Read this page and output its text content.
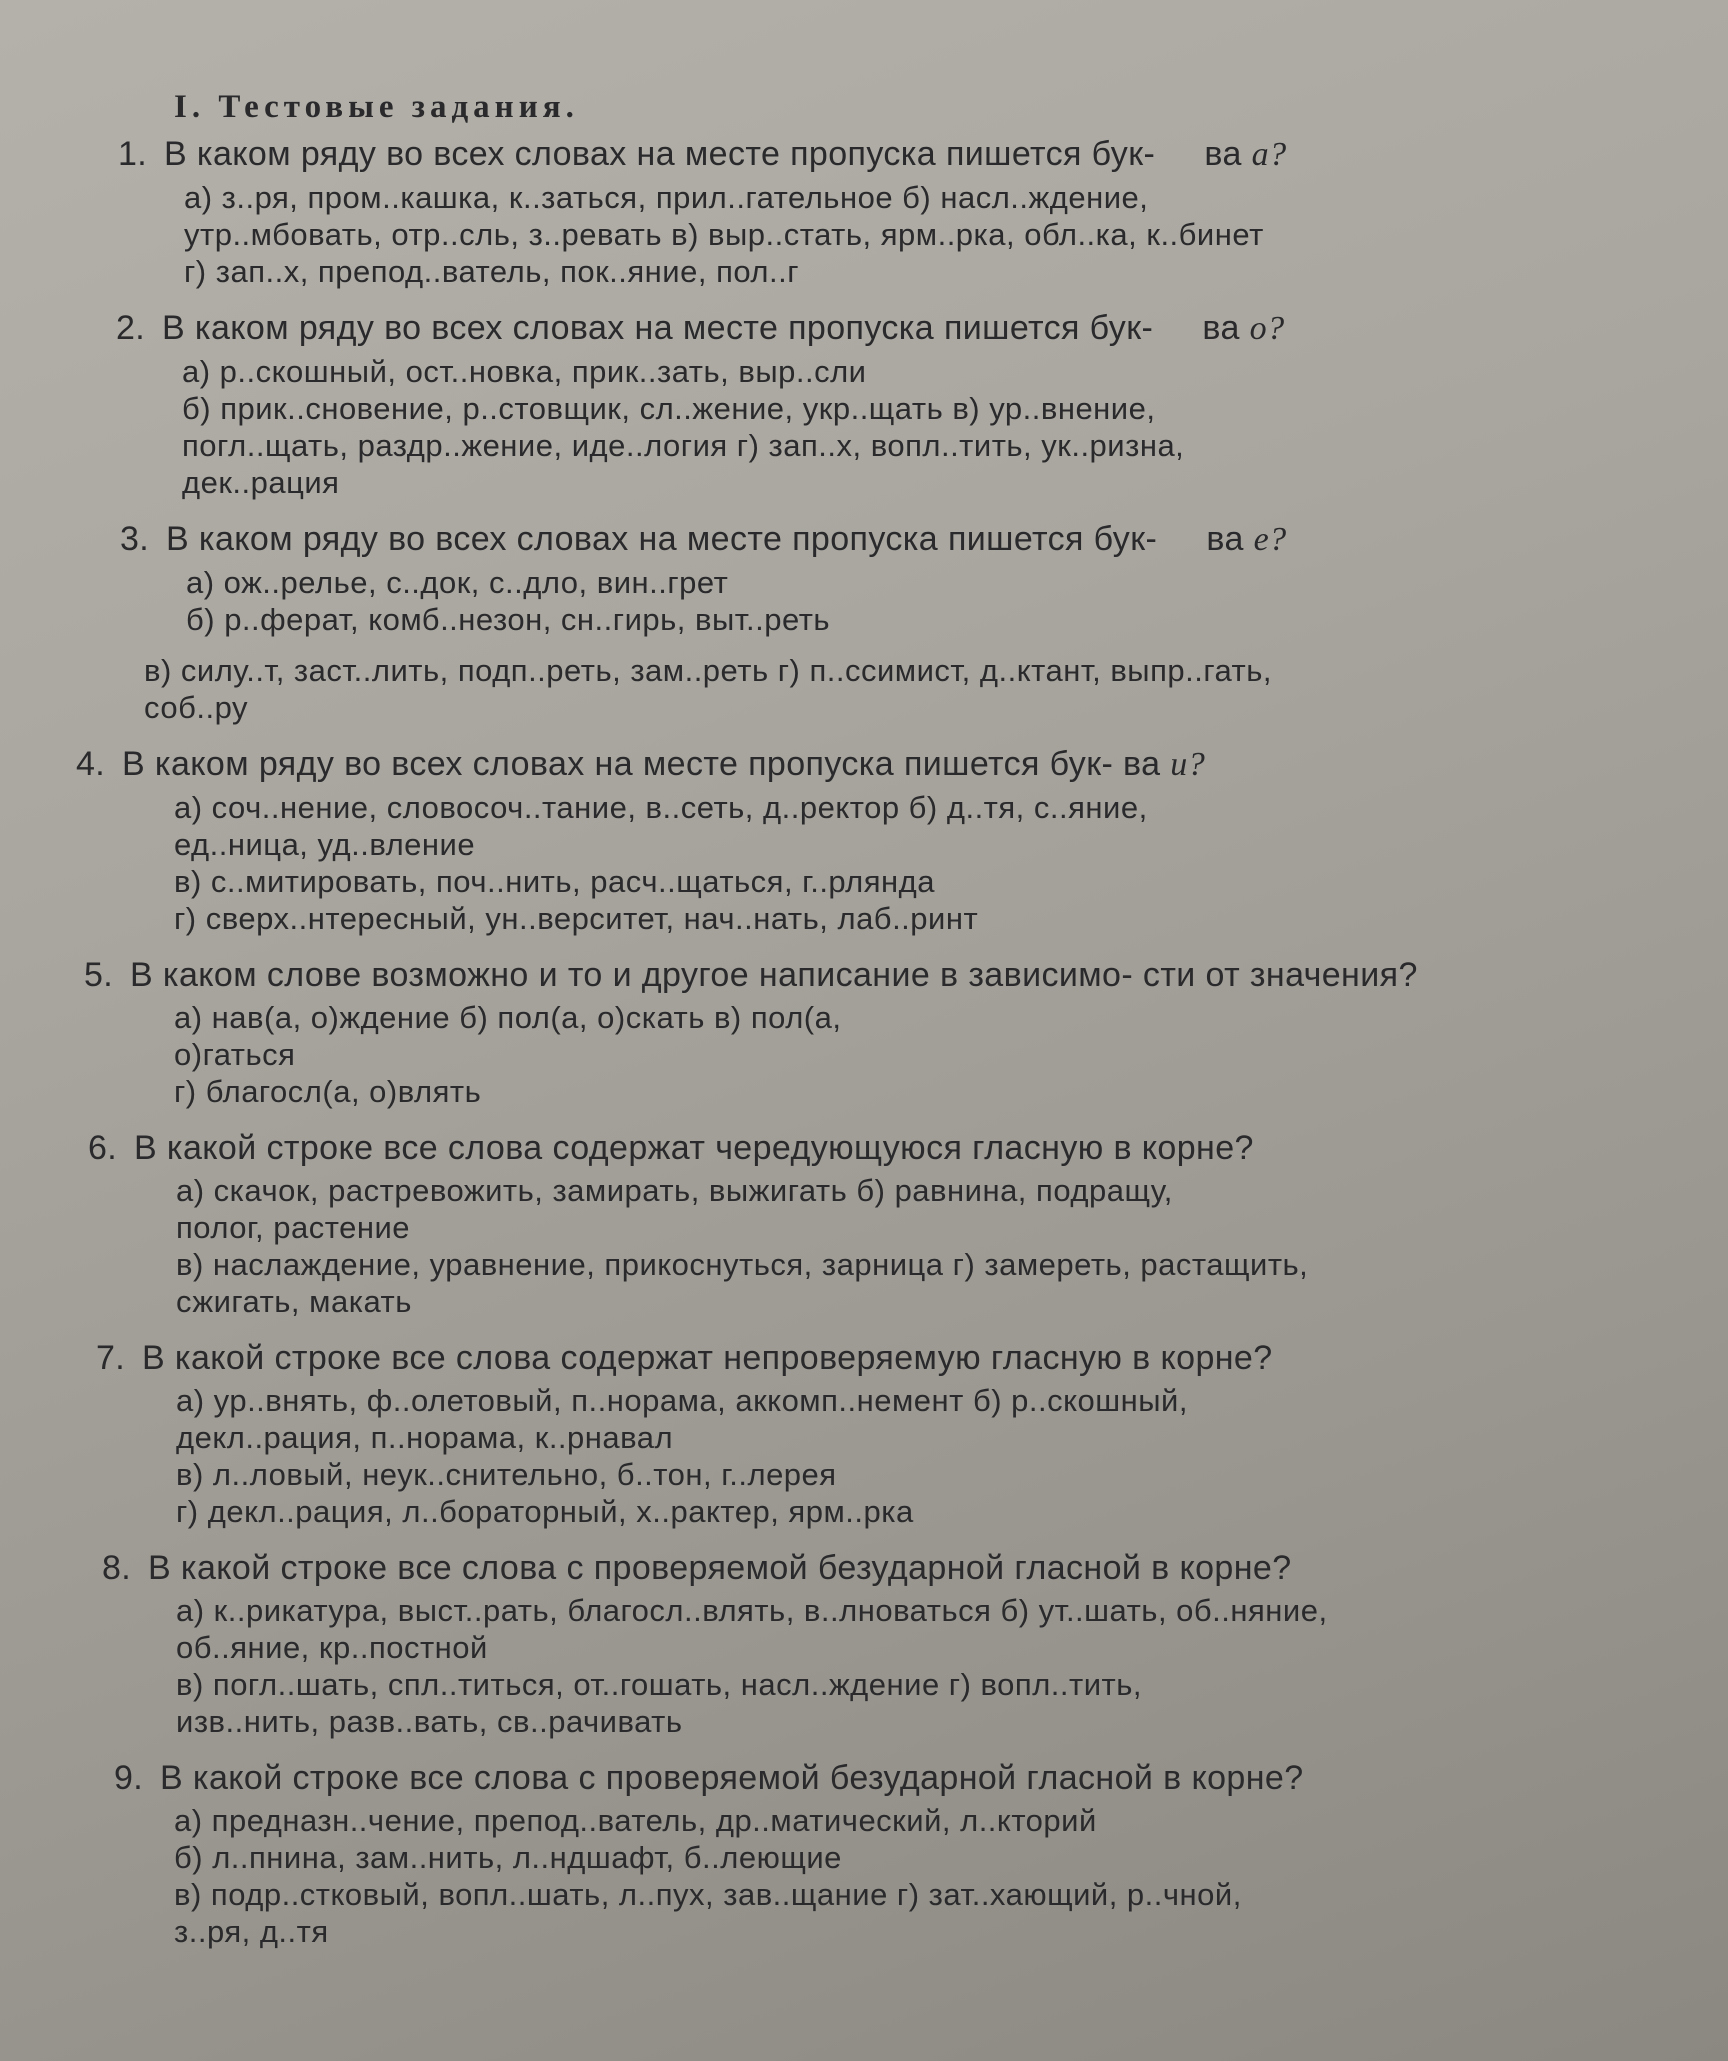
I. Тестовые задания.
1. В каком ряду во всех словах на месте пропуска пишется бук- ва а?
а) з..ря, пром..кашка, к..заться, прил..гательное б) насл..ждение,
утр..мбовать, отр..сль, з..ревать в) выр..стать, ярм..рка, обл..ка, к..бинет
г) зап..х, препод..ватель, пок..яние, пол..г
2. В каком ряду во всех словах на месте пропуска пишется бук- ва о?
а) р..скошный, ост..новка, прик..зать, выр..сли
б) прик..сновение, р..стовщик, сл..жение, укр..щать в) ур..внение,
погл..щать, раздр..жение, иде..логия г) зап..х, вопл..тить, ук..ризна,
дек..рация
3. В каком ряду во всех словах на месте пропуска пишется бук- ва е?
а) ож..релье, с..док, с..дло, вин..грет
б) р..ферат, комб..незон, сн..гирь, выт..реть
в) силу..т, заст..лить, подп..реть, зам..реть г) п..ссимист, д..ктант, выпр..гать,
соб..ру
4. В каком ряду во всех словах на месте пропуска пишется бук- ва и?
а) соч..нение, словосоч..тание, в..сеть, д..ректор б) д..тя, с..яние,
ед..ница, уд..вление
в) с..митировать, поч..нить, расч..щаться, г..рлянда
г) сверх..нтересный, ун..верситет, нач..нать, лаб..ринт
5. В каком слове возможно и то и другое написание в зависимо- сти от значения?
а) нав(а, о)ждение б) пол(а, о)скать в) пол(а,
о)гаться
г) благосл(а, о)влять
6. В какой строке все слова содержат чередующуюся гласную в корне?
а) скачок, растревожить, замирать, выжигать б) равнина, подращу,
полог, растение
в) наслаждение, уравнение, прикоснуться, зарница г) замереть, растащить,
сжигать, макать
7. В какой строке все слова содержат непроверяемую гласную в корне?
а) ур..внять, ф..олетовый, п..норама, аккомп..немент б) р..скошный,
декл..рация, п..норама, к..рнавал
в) л..ловый, неук..снительно, б..тон, г..лерея
г) декл..рация, л..бораторный, х..рактер, ярм..рка
8. В какой строке все слова с проверяемой безударной гласной в корне?
а) к..рикатура, выст..рать, благосл..влять, в..лноваться б) ут..шать, об..няние,
об..яние, кр..постной
в) погл..шать, спл..титься, от..гошать, насл..ждение г) вопл..тить,
изв..нить, разв..вать, св..рачивать
9. В какой строке все слова с проверяемой безударной гласной в корне?
а) предназн..чение, препод..ватель, др..матический, л..кторий
б) л..пнина, зам..нить, л..ндшафт, б..леющие
в) подр..стковый, вопл..шать, л..пух, зав..щание г) зат..хающий, р..чной,
з..ря, д..тя
